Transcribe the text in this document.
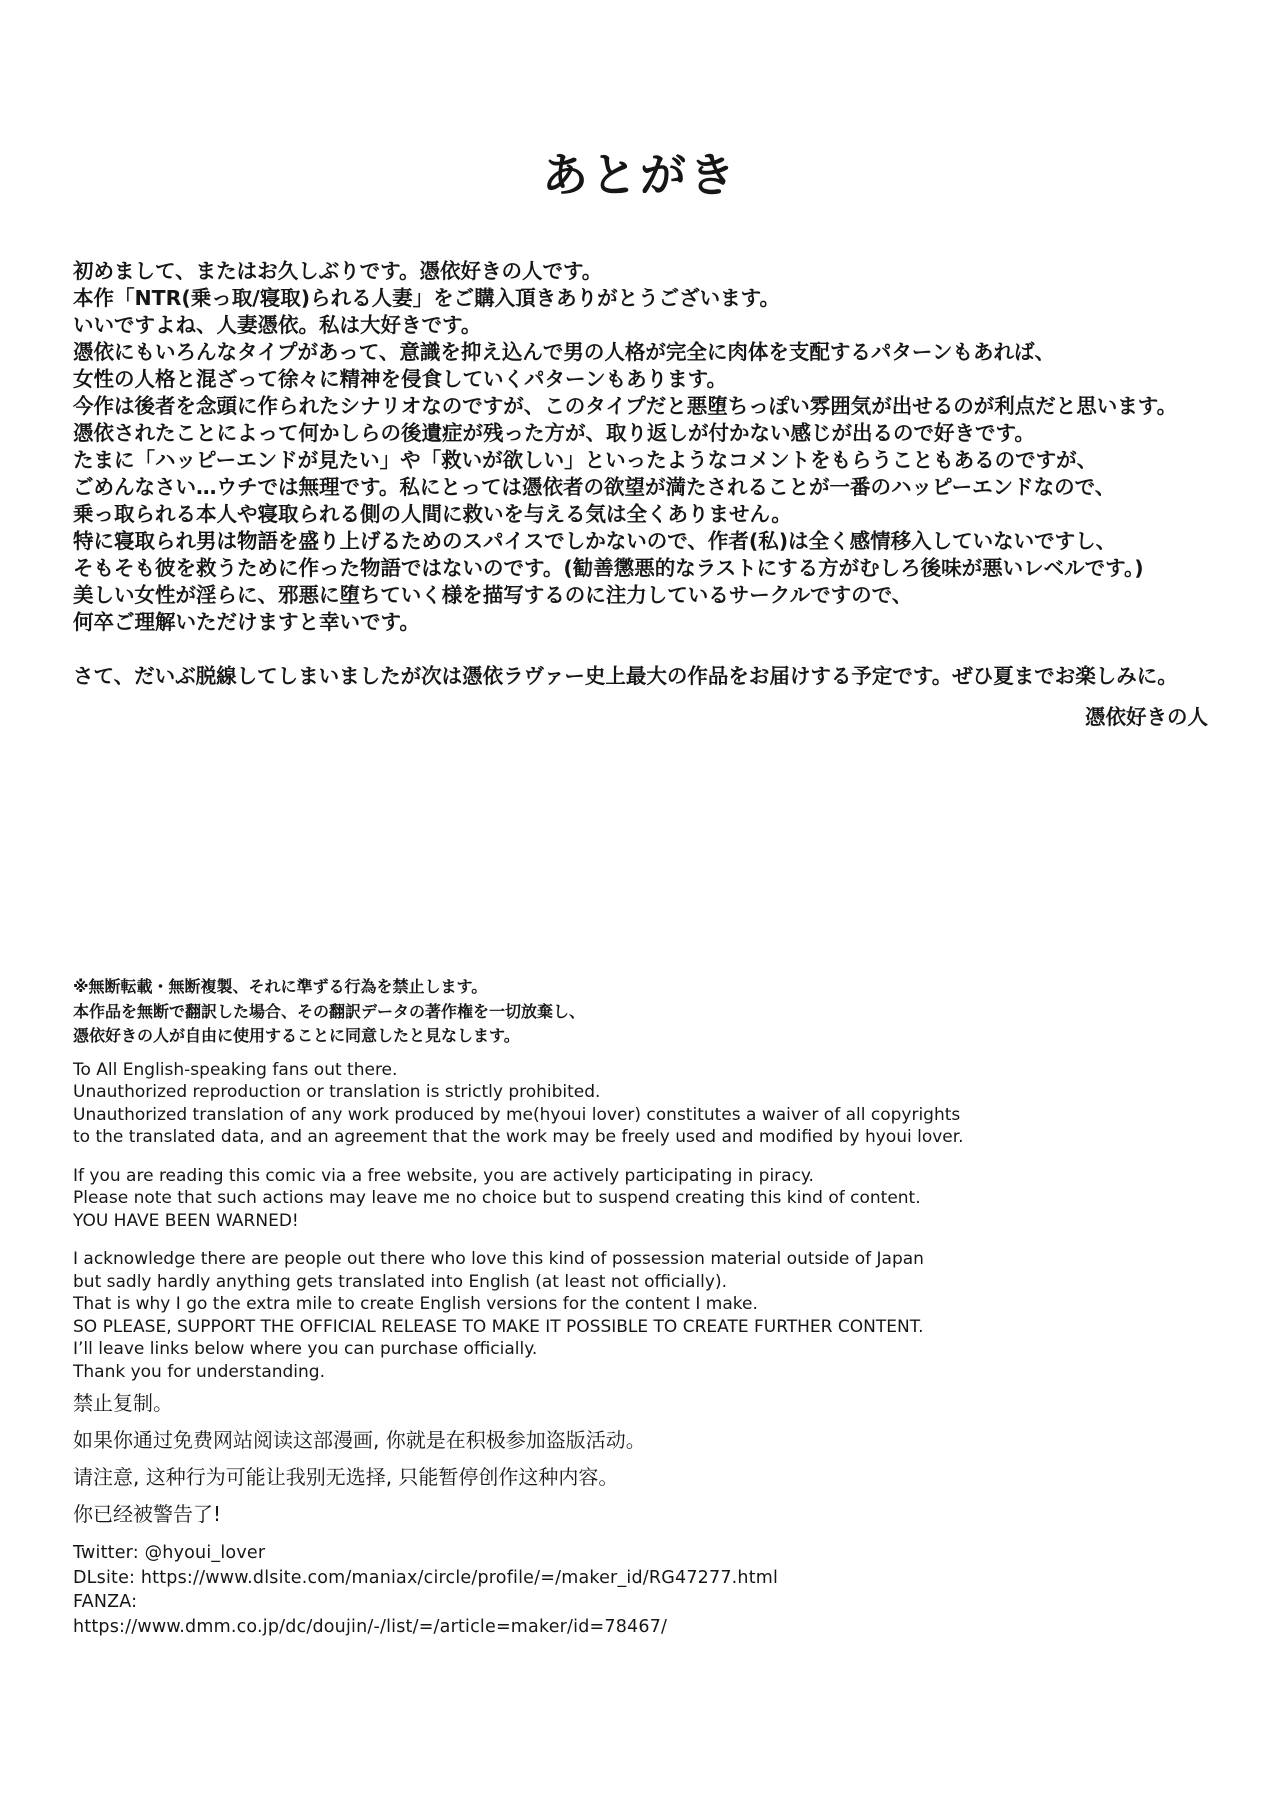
あとがき
初めまして、またはお久しぶりです。憑依好きの人です。
本作「NTR(乗っ取/寝取)られる人妻」をご購入頂きありがとうございます。
いいですよね、人妻憑依。私は大好きです。
憑依にもいろんなタイプがあって、意識を抑え込んで男の人格が完全に肉体を支配するパターンもあれば、
女性の人格と混ざって徐々に精神を侵食していくパターンもあります。
今作は後者を念頭に作られたシナリオなのですが、このタイプだと悪堕ちっぽい雰囲気が出せるのが利点だと思います。
憑依されたことによって何かしらの後遺症が残った方が、取り返しが付かない感じが出るので好きです。
たまに「ハッピーエンドが見たい」や「救いが欲しい」といったようなコメントをもらうこともあるのですが、
ごめんなさい…ウチでは無理です。私にとっては憑依者の欲望が満たされることが一番のハッピーエンドなので、
乗っ取られる本人や寝取られる側の人間に救いを与える気は全くありません。
特に寝取られ男は物語を盛り上げるためのスパイスでしかないので、作者(私)は全く感情移入していないですし、
そもそも彼を救うために作った物語ではないのです。(勧善懲悪的なラストにする方がむしろ後味が悪いレベルです。)
美しい女性が淫らに、邪悪に堕ちていく様を描写するのに注力しているサークルですので、
何卒ご理解いただけますと幸いです。
さて、だいぶ脱線してしまいましたが次は憑依ラヴァー史上最大の作品をお届けする予定です。ぜひ夏までお楽しみに。
憑依好きの人
※無断転載・無断複製、それに準ずる行為を禁止します。
本作品を無断で翻訳した場合、その翻訳データの著作権を一切放棄し、
憑依好きの人が自由に使用することに同意したと見なします。
To All English-speaking fans out there.
Unauthorized reproduction or translation is strictly prohibited.
Unauthorized translation of any work produced by me(hyoui lover) constitutes a waiver of all copyrights
to the translated data, and an agreement that the work may be freely used and modified by hyoui lover.
If you are reading this comic via a free website, you are actively participating in piracy.
Please note that such actions may leave me no choice but to suspend creating this kind of content.
YOU HAVE BEEN WARNED!
I acknowledge there are people out there who love this kind of possession material outside of Japan
but sadly hardly anything gets translated into English (at least not officially).
That is why I go the extra mile to create English versions for the content I make.
SO PLEASE, SUPPORT THE OFFICIAL RELEASE TO MAKE IT POSSIBLE TO CREATE FURTHER CONTENT.
I’ll leave links below where you can purchase officially.
Thank you for understanding.
禁止复制。
如果你通过免费网站阅读这部漫画, 你就是在积极参加盗版活动。
请注意, 这种行为可能让我别无选择, 只能暂停创作这种内容。
你已经被警告了!
Twitter: @hyoui_lover
DLsite: https://www.dlsite.com/maniax/circle/profile/=/maker_id/RG47277.html
FANZA:
https://www.dmm.co.jp/dc/doujin/-/list/=/article=maker/id=78467/
